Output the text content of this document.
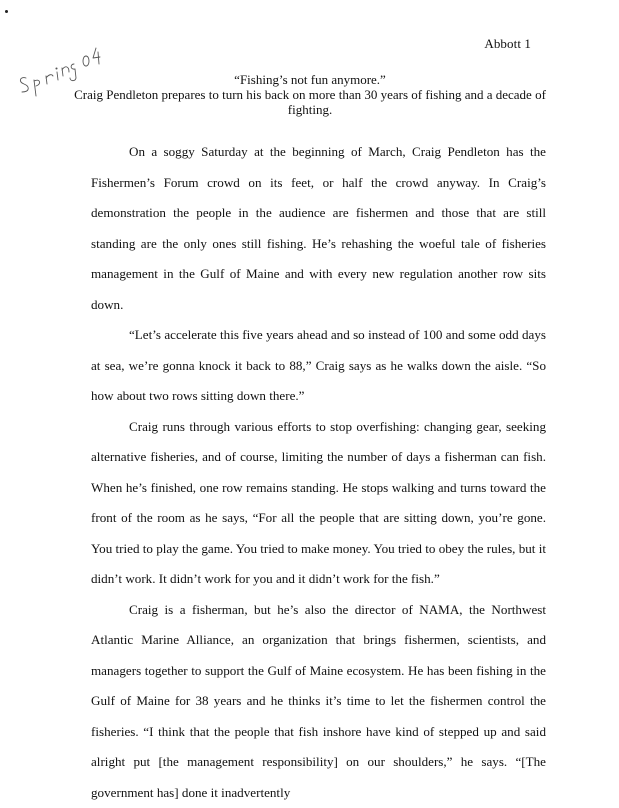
Abbott 1
“Fishing’s not fun anymore.”
Craig Pendleton prepares to turn his back on more than 30 years of fishing and a decade of fighting.

On a soggy Saturday at the beginning of March, Craig Pendleton has the Fishermen’s Forum crowd on its feet, or half the crowd anyway. In Craig’s demonstration the people in the audience are fishermen and those that are still standing are the only ones still fishing. He’s rehashing the woeful tale of fisheries management in the Gulf of Maine and with every new regulation another row sits down.

“Let’s accelerate this five years ahead and so instead of 100 and some odd days at sea, we’re gonna knock it back to 88,” Craig says as he walks down the aisle. “So how about two rows sitting down there.”

Craig runs through various efforts to stop overfishing: changing gear, seeking alternative fisheries, and of course, limiting the number of days a fisherman can fish. When he’s finished, one row remains standing. He stops walking and turns toward the front of the room as he says, “For all the people that are sitting down, you’re gone. You tried to play the game. You tried to make money. You tried to obey the rules, but it didn’t work. It didn’t work for you and it didn’t work for the fish.”

Craig is a fisherman, but he’s also the director of NAMA, the Northwest Atlantic Marine Alliance, an organization that brings fishermen, scientists, and managers together to support the Gulf of Maine ecosystem. He has been fishing in the Gulf of Maine for 38 years and he thinks it’s time to let the fishermen control the fisheries. “I think that the people that fish inshore have kind of stepped up and said alright put [the management responsibility] on our shoulders,” he says. “[The government has] done it inadvertently
